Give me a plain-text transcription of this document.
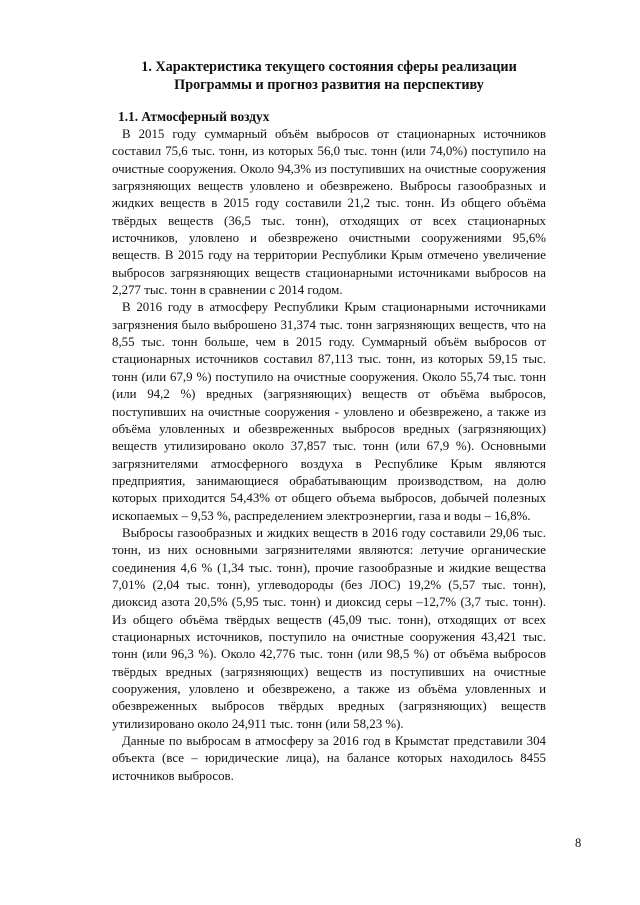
1. Характеристика текущего состояния сферы реализации Программы и прогноз развития на перспективу
1.1. Атмосферный воздух

В 2015 году суммарный объём выбросов от стационарных источников составил 75,6 тыс. тонн, из которых 56,0 тыс. тонн (или 74,0%) поступило на очистные сооружения. Около 94,3% из поступивших на очистные сооружения загрязняющих веществ уловлено и обезврежено. Выбросы газообразных и жидких веществ в 2015 году составили 21,2 тыс. тонн. Из общего объёма твёрдых веществ (36,5 тыс. тонн), отходящих от всех стационарных источников, уловлено и обезврежено очистными сооружениями 95,6% веществ. В 2015 году на территории Республики Крым отмечено увеличение выбросов загрязняющих веществ стационарными источниками выбросов на 2,277 тыс. тонн в сравнении с 2014 годом.

В 2016 году в атмосферу Республики Крым стационарными источниками загрязнения было выброшено 31,374 тыс. тонн загрязняющих веществ, что на 8,55 тыс. тонн больше, чем в 2015 году. Суммарный объём выбросов от стационарных источников составил 87,113 тыс. тонн, из которых 59,15 тыс. тонн (или 67,9 %) поступило на очистные сооружения. Около 55,74 тыс. тонн (или 94,2 %) вредных (загрязняющих) веществ от объёма выбросов, поступивших на очистные сооружения - уловлено и обезврежено, а также из объёма уловленных и обезвреженных выбросов вредных (загрязняющих) веществ утилизировано около 37,857 тыс. тонн (или 67,9 %). Основными загрязнителями атмосферного воздуха в Республике Крым являются предприятия, занимающиеся обрабатывающим производством, на долю которых приходится 54,43% от общего объема выбросов, добычей полезных ископаемых – 9,53 %, распределением электроэнергии, газа и воды – 16,8%.

Выбросы газообразных и жидких веществ в 2016 году составили 29,06 тыс. тонн, из них основными загрязнителями являются: летучие органические соединения 4,6 % (1,34 тыс. тонн), прочие газообразные и жидкие вещества 7,01% (2,04 тыс. тонн), углеводороды (без ЛОС) 19,2% (5,57 тыс. тонн), диоксид азота 20,5% (5,95 тыс. тонн) и диоксид серы –12,7% (3,7 тыс. тонн). Из общего объёма твёрдых веществ (45,09 тыс. тонн), отходящих от всех стационарных источников, поступило на очистные сооружения 43,421 тыс. тонн (или 96,3 %). Около 42,776 тыс. тонн (или 98,5 %) от объёма выбросов твёрдых вредных (загрязняющих) веществ из поступивших на очистные сооружения, уловлено и обезврежено, а также из объёма уловленных и обезвреженных выбросов твёрдых вредных (загрязняющих) веществ утилизировано около 24,911 тыс. тонн (или 58,23 %).

Данные по выбросам в атмосферу за 2016 год в Крымстат представили 304 объекта (все – юридические лица), на балансе которых находилось 8455 источников выбросов.

8
